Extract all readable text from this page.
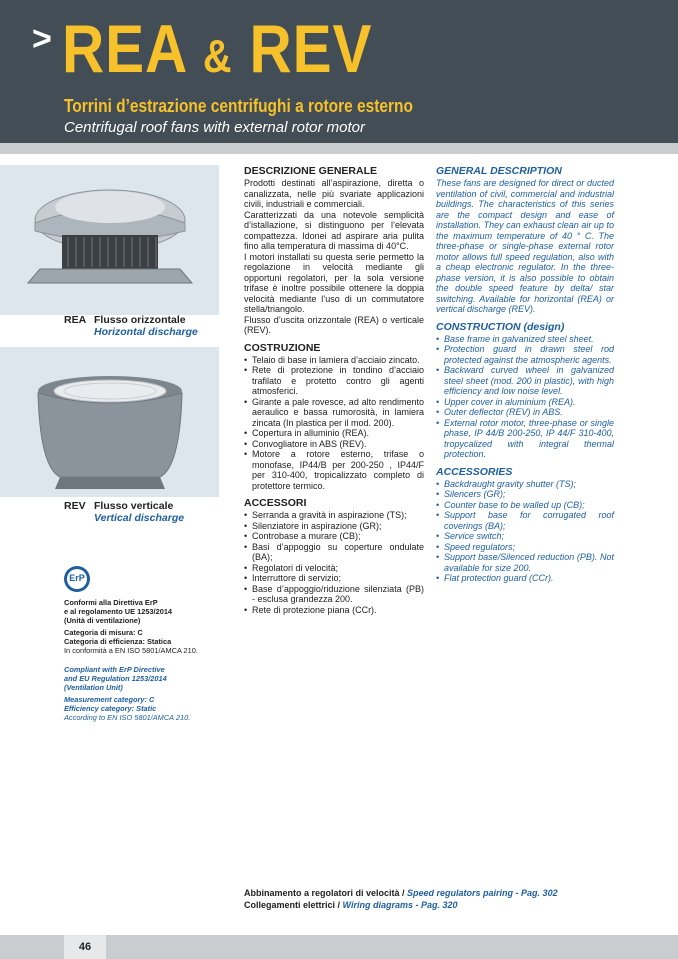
> REA & REV
Torrini d’estrazione centrifughi a rotore esterno
Centrifugal roof fans with external rotor motor
REA Flusso orizzontale
Horizontal discharge
REV Flusso verticale
Vertical discharge
ErP
Conformi alla Direttiva ErP
e al regolamento UE 1253/2014
(Unità di ventilazione)
Categoria di misura: C
Categoria di efficienza: Statica
In conformità a EN ISO 5801/AMCA 210.
Compliant with ErP Directive
and EU Regulation 1253/2014
(Ventilation Unit)
Measurement category: C
Efficiency category: Static
According to EN ISO 5801/AMCA 210.
DESCRIZIONE GENERALE

Prodotti destinati all’aspirazione, diretta o canalizzata, nelle più svariate applicazioni civili, industriali e commerciali.

Caratterizzati da una notevole semplicità d’istallazione, si distinguono per l’elevata compattezza. Idonei ad aspirare aria pulita fino alla temperatura di massima di 40°C.

I motori installati su questa serie permetto la regolazione in velocità mediante gli opportuni regolatori, per la sola versione trifase è inoltre possibile ottenere la doppia velocità mediante l’uso di un commutatore stella/triangolo.

Flusso d’uscita orizzontale (REA) o verticale (REV).

COSTRUZIONE
• Telaio di base in lamiera d’acciaio zincato.
• Rete di protezione in tondino d’acciaio trafilato e protetto contro gli agenti atmosferici.
• Girante a pale rovesce, ad alto rendimento aeraulico e bassa rumorosità, in lamiera zincata (In plastica per il mod. 200).
• Copertura in alluminio (REA).
• Convogliatore in ABS (REV).
• Motore a rotore esterno, trifase o monofase, IP44/B per 200-250 , IP44/F per 310-400, tropicalizzato completo di protettore termico.
ACCESSORI
• Serranda a gravità in aspirazione (TS);
• Silenziatore in aspirazione (GR);
• Controbase a murare (CB);
• Basi d’appoggio su coperture ondulate (BA);
• Regolatori di velocità;
• Interruttore di servizio;
• Base d’appoggio/riduzione silenziata (PB) - esclusa grandezza 200.
• Rete di protezione piana (CCr).
GENERAL DESCRIPTION

These fans are designed for direct or ducted ventilation of civil, commercial and industrial buildings. The characteristics of this series are the compact design and ease of installation. They can exhaust clean air up to the maximum temperature of 40 ° C. The three-phase or single-phase external rotor motor allows full speed regulation, also with a cheap electronic regulator. In the three-phase version, it is also possible to obtain the double speed feature by delta/ star switching. Available for horizontal (REA) or vertical discharge (REV).

CONSTRUCTION (design)
• Base frame in galvanized steel sheet.
• Protection guard in drawn steel rod protected against the atmospheric agents.
• Backward curved wheel in galvanized steel sheet (mod. 200 in plastic), with high efficiency and low noise level.
• Upper cover in aluminium (REA).
• Outer deflector (REV) in ABS.
• External rotor motor, three-phase or single phase, IP 44/B 200-250, IP 44/F 310-400, tropycalized with integral thermal protection.
ACCESSORIES
• Backdraught gravity shutter (TS);
• Silencers (GR);
• Counter base to be walled up (CB);
• Support base for corrugated roof coverings (BA);
• Service switch;
• Speed regulators;
• Support base/Silenced reduction (PB). Not available for size 200.
• Flat protection guard (CCr).
Abbinamento a regolatori di velocità / Speed regulators pairing - Pag. 302
Collegamenti elettrici / Wiring diagrams - Pag. 320
46
